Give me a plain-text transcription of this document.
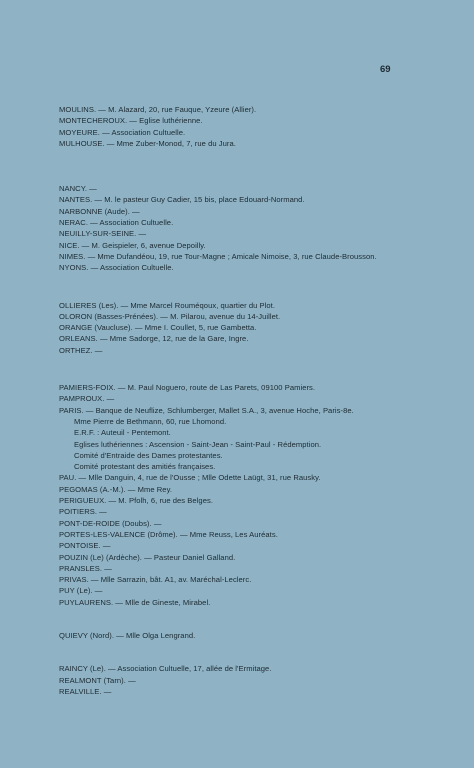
69
MOULINS. — M. Alazard, 20, rue Fauque, Yzeure (Allier).
MONTECHEROUX. — Eglise luthérienne.
MOYEURE. — Association Cultuelle.
MULHOUSE. — Mme Zuber-Monod, 7, rue du Jura.
NANCY. —
NANTES. — M. le pasteur Guy Cadier, 15 bis, place Edouard-Normand.
NARBONNE (Aude). —
NERAC. — Association Cultuelle.
NEUILLY-SUR-SEINE. —
NICE. — M. Geispieler, 6, avenue Depoilly.
NIMES. — Mme Dufandéou, 19, rue Tour-Magne ; Amicale Nimoise, 3, rue Claude-Brousson.
NYONS. — Association Cultuelle.
OLLIERES (Les). — Mme Marcel Rouméqoux, quartier du Plot.
OLORON (Basses-Prénées). — M. Pilarou, avenue du 14-Juillet.
ORANGE (Vaucluse). — Mme I. Coullet, 5, rue Gambetta.
ORLEANS. — Mme Sadorge, 12, rue de la Gare, Ingre.
ORTHEZ. —
PAMIERS-FOIX. — M. Paul Noguero, route de Las Parets, 09100 Pamiers.
PAMPROUX. —
PARIS. — Banque de Neuflize, Schlumberger, Mallet S.A., 3, avenue Hoche, Paris-8e.
Mme Pierre de Bethmann, 60, rue Lhomond.
E.R.F. : Auteuil - Pentemont.
Eglises luthériennes : Ascension - Saint-Jean - Saint-Paul - Rédemption.
Comité d'Entraide des Dames protestantes.
Comité protestant des amitiés françaises.
PAU. — Mlle Danguin, 4, rue de l'Ousse ; Mlle Odette Laügt, 31, rue Rausky.
PEGOMAS (A.-M.). — Mme Rey.
PERIGUEUX. — M. Pfolh, 6, rue des Belges.
POITIERS. —
PONT-DE-ROIDE (Doubs). —
PORTES-LES-VALENCE (Drôme). — Mme Reuss, Les Auréats.
PONTOISE. —
POUZIN (Le) (Ardèche). — Pasteur Daniel Galland.
PRANSLES. —
PRIVAS. — Mlle Sarrazin, bât. A1, av. Maréchal-Leclerc.
PUY (Le). —
PUYLAURENS. — Mlle de Gineste, Mirabel.
QUIEVY (Nord). — Mlle Olga Lengrand.
RAINCY (Le). — Association Cultuelle, 17, allée de l'Ermitage.
REALMONT (Tarn). —
REALVILLE. —
